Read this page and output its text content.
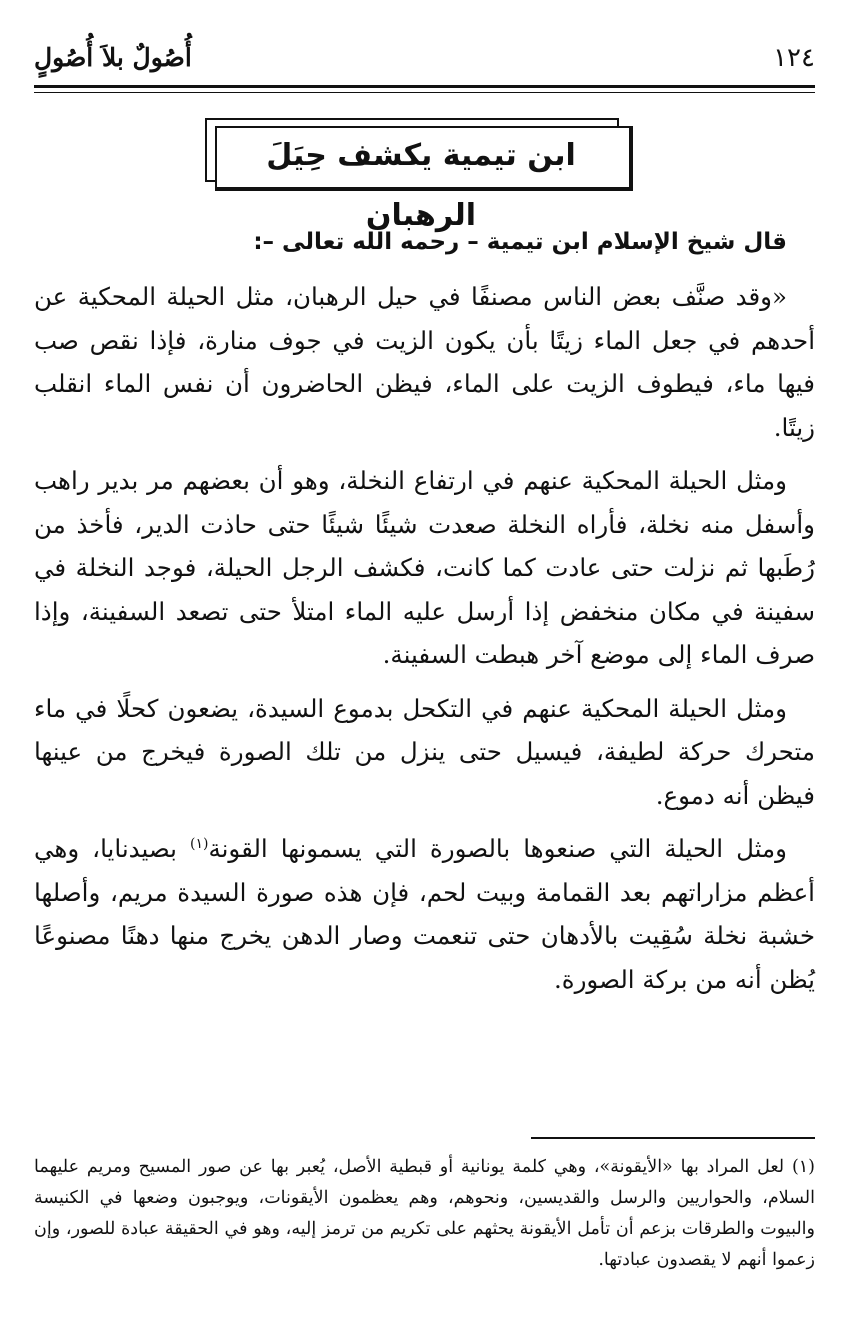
١٢٤
أُصُولٌ بلاَ أُصُولٍ
ابن تيمية يكشف حِيَلَ الرهبان
قال شيخ الإسلام ابن تيمية – رحمه الله تعالى –:

«وقد صنَّف بعض الناس مصنفًا في حيل الرهبان، مثل الحيلة المحكية عن أحدهم في جعل الماء زيتًا بأن يكون الزيت في جوف منارة، فإذا نقص صب فيها ماء، فيطوف الزيت على الماء، فيظن الحاضرون أن نفس الماء انقلب زيتًا.

ومثل الحيلة المحكية عنهم في ارتفاع النخلة، وهو أن بعضهم مر بدير راهب وأسفل منه نخلة، فأراه النخلة صعدت شيئًا شيئًا حتى حاذت الدير، فأخذ من رُطَبها ثم نزلت حتى عادت كما كانت، فكشف الرجل الحيلة، فوجد النخلة في سفينة في مكان منخفض إذا أرسل عليه الماء امتلأ حتى تصعد السفينة، وإذا صرف الماء إلى موضع آخر هبطت السفينة.

ومثل الحيلة المحكية عنهم في التكحل بدموع السيدة، يضعون كحلًا في ماء متحرك حركة لطيفة، فيسيل حتى ينزل من تلك الصورة فيخرج من عينها فيظن أنه دموع.

ومثل الحيلة التي صنعوها بالصورة التي يسمونها القونة$^{(١)}$ بصيدنايا، وهي أعظم مزاراتهم بعد القمامة وبيت لحم، فإن هذه صورة السيدة مريم، وأصلها خشبة نخلة سُقِيت بالأدهان حتى تنعمت وصار الدهن يخرج منها دهنًا مصنوعًا يُظن أنه من بركة الصورة.

(١) لعل المراد بها «الأيقونة»، وهي كلمة يونانية أو قبطية الأصل، يُعبر بها عن صور المسيح ومريم عليهما السلام، والحواريين والرسل والقديسين، ونحوهم، وهم يعظمون الأيقونات، ويوجبون وضعها في الكنيسة والبيوت والطرقات بزعم أن تأمل الأيقونة يحثهم على تكريم من ترمز إليه، وهو في الحقيقة عبادة للصور، وإن زعموا أنهم لا يقصدون عبادتها.
